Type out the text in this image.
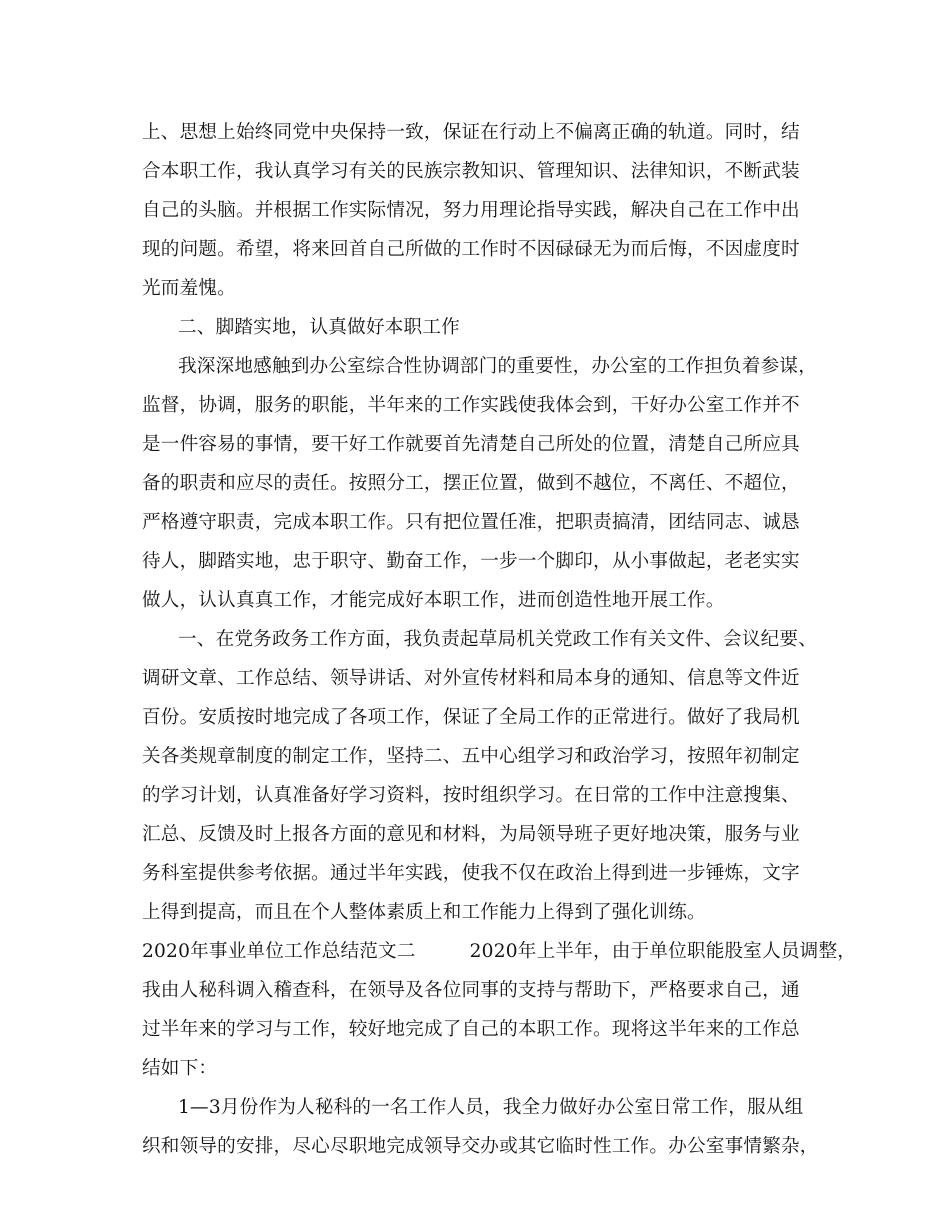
上、思想上始终同党中央保持一致，保证在行动上不偏离正确的轨道。同时，结
合本职工作，我认真学习有关的民族宗教知识、管理知识、法律知识，不断武装
自己的头脑。并根据工作实际情况，努力用理论指导实践，解决自己在工作中出
现的问题。希望，将来回首自己所做的工作时不因碌碌无为而后悔，不因虚度时
光而羞愧。
二、脚踏实地，认真做好本职工作
我深深地感触到办公室综合性协调部门的重要性，办公室的工作担负着参谋，
监督，协调，服务的职能，半年来的工作实践使我体会到，干好办公室工作并不
是一件容易的事情，要干好工作就要首先清楚自己所处的位置，清楚自己所应具
备的职责和应尽的责任。按照分工，摆正位置，做到不越位，不离任、不超位，
严格遵守职责，完成本职工作。只有把位置任准，把职责搞清，团结同志、诚恳
待人，脚踏实地，忠于职守、勤奋工作，一步一个脚印，从小事做起，老老实实
做人，认认真真工作，才能完成好本职工作，进而创造性地开展工作。
一、在党务政务工作方面，我负责起草局机关党政工作有关文件、会议纪要、
调研文章、工作总结、领导讲话、对外宣传材料和局本身的通知、信息等文件近
百份。安质按时地完成了各项工作，保证了全局工作的正常进行。做好了我局机
关各类规章制度的制定工作，坚持二、五中心组学习和政治学习，按照年初制定
的学习计划，认真准备好学习资料，按时组织学习。在日常的工作中注意搜集、
汇总、反馈及时上报各方面的意见和材料，为局领导班子更好地决策，服务与业
务科室提供参考依据。通过半年实践，使我不仅在政治上得到进一步锤炼，文字
上得到提高，而且在个人整体素质上和工作能力上得到了强化训练。
2020年事业单位工作总结范文二	2020年上半年，由于单位职能股室人员调整，
我由人秘科调入稽查科，在领导及各位同事的支持与帮助下，严格要求自己，通
过半年来的学习与工作，较好地完成了自己的本职工作。现将这半年来的工作总
结如下：
1—3月份作为人秘科的一名工作人员，我全力做好办公室日常工作，服从组
织和领导的安排，尽心尽职地完成领导交办或其它临时性工作。办公室事情繁杂，
